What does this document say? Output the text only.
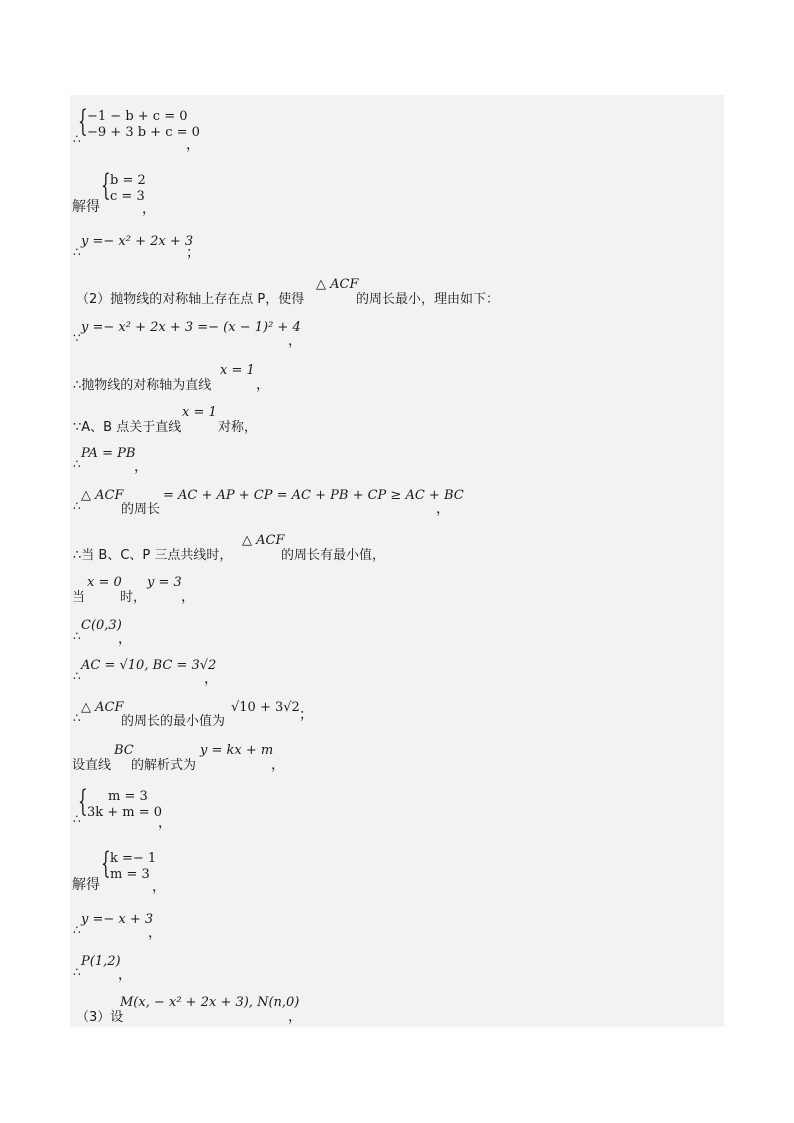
{ −1 − b + c = 0
−9 + 3 b + c = 0
∴	，
解得
{ b = 2
c = 3
，
∴
y =− x² + 2x + 3
；
（2）抛物线的对称轴上存在点 P，使得
△ ACF
的周长最小，理由如下：
∵
y =− x² + 2x + 3 =− (x − 1)² + 4
，
∴抛物线的对称轴为直线
x = 1
，
∵A、B 点关于直线
x = 1
对称，
∴
PA = PB
，
∴
△ ACF
的周长
= AC + AP + CP = AC + PB + CP ≥ AC + BC
，
∴当 B、C、P 三点共线时，
△ ACF
的周长有最小值，
当
x = 0
时，
y = 3
，
∴
C(0,3)
，
∴
AC = √10, BC = 3√2
，
∴
△ ACF
的周长的最小值为
√10 + 3√2 ；
设直线
BC
的解析式为
y = kx + m
，
{ m = 3
3k + m = 0
∴	，
解得
{ k =− 1
m = 3
，
∴
y =− x + 3
，
∴
P(1,2)
，
（3）设
M(x, − x² + 2x + 3), N(n,0)
，
